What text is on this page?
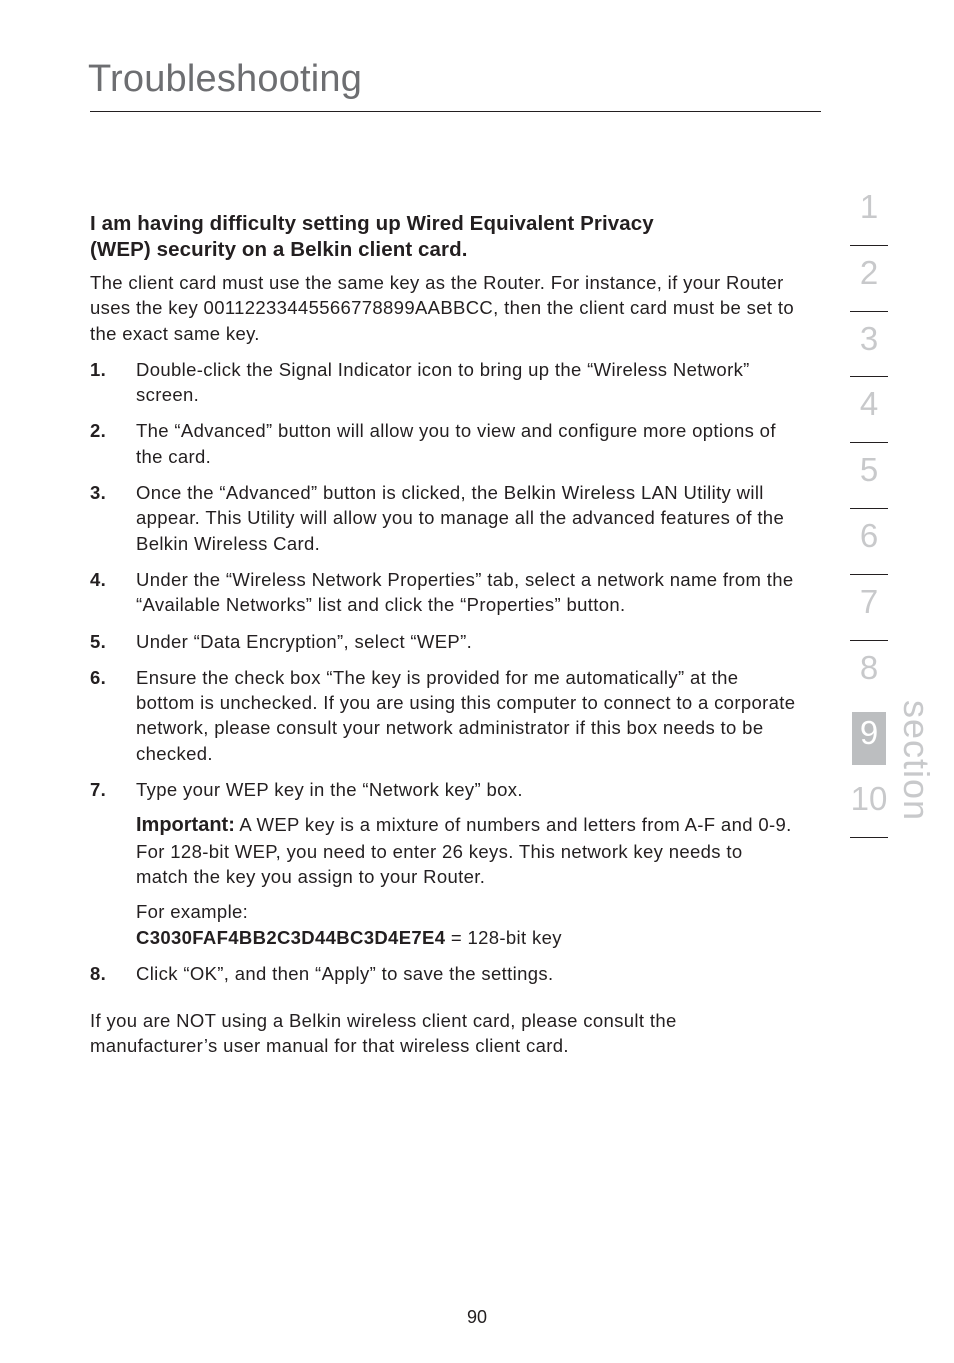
Troubleshooting
I am having difficulty setting up Wired Equivalent Privacy
(WEP) security on a Belkin client card.

The client card must use the same key as the Router. For instance, if your Router uses the key 00112233445566778899AABBCC, then the client card must be set to the exact same key.

1. Double-click the Signal Indicator icon to bring up the “Wireless Network” screen.
2. The “Advanced” button will allow you to view and configure more options of the card.
3. Once the “Advanced” button is clicked, the Belkin Wireless LAN Utility will appear. This Utility will allow you to manage all the advanced features of the Belkin Wireless Card.
4. Under the “Wireless Network Properties” tab, select a network name from the “Available Networks” list and click the “Properties” button.
5. Under “Data Encryption”, select “WEP”.
6. Ensure the check box “The key is provided for me automatically” at the bottom is unchecked. If you are using this computer to connect to a corporate network, please consult your network administrator if this box needs to be checked.
7. Type your WEP key in the “Network key” box.
Important: A WEP key is a mixture of numbers and letters from A-F and 0-9. For 128-bit WEP, you need to enter 26 keys. This network key needs to match the key you assign to your Router.
For example:
C3030FAF4BB2C3D44BC3D4E7E4 = 128-bit key
8. Click “OK”, and then “Apply” to save the settings.

If you are NOT using a Belkin wireless client card, please consult the manufacturer’s user manual for that wireless client card.

1
2
3
4
5
6
7
8
9
10 section
90
